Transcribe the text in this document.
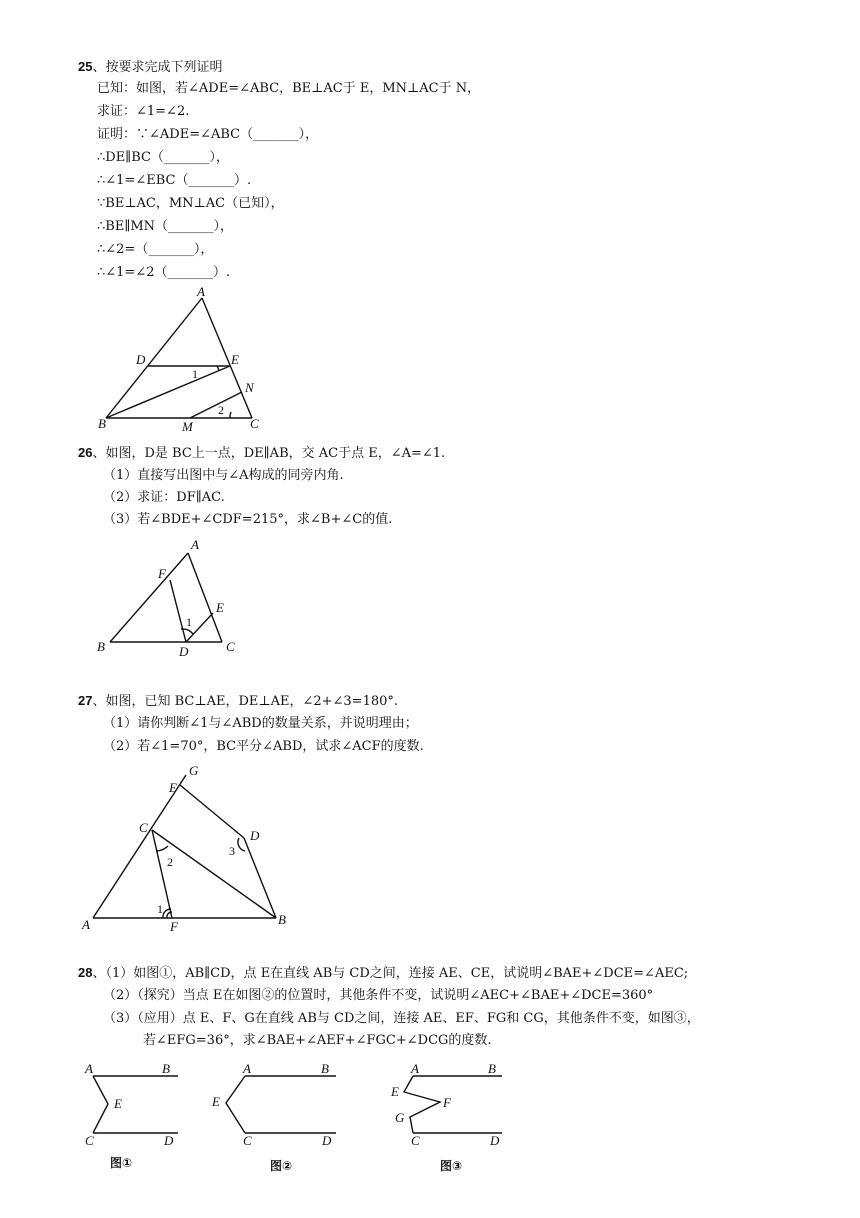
25、按要求完成下列证明
已知：如图，若∠ADE=∠ABC，BE⊥AC于 E，MN⊥AC于 N，
求证：∠1=∠2.
证明：∵∠ADE=∠ABC（_______），
∴DE∥BC（_______），
∴∠1=∠EBC（_______）.
∵BE⊥AC，MN⊥AC（已知），
∴BE∥MN（_______），
∴∠2=（_______），
∴∠1=∠2（_______）.
A
D	E
N
B	M	C
1
2
26、如图，D是 BC上一点，DE∥AB，交 AC于点 E，∠A=∠1.
（1）直接写出图中与∠A构成的同旁内角.
（2）求证：DF∥AC.
（3）若∠BDE+∠CDF=215°，求∠B+∠C的值.
A
F
E
B	D	C
1
27、如图，已知 BC⊥AE，DE⊥AE，∠2+∠3=180°.
（1）请你判断∠1与∠ABD的数量关系，并说明理由；
（2）若∠1=70°，BC平分∠ABD，试求∠ACF的度数.
G
E
C
D
3
2
1
A	F	B
28、（1）如图①，AB∥CD，点 E在直线 AB与 CD之间，连接 AE、CE，试说明∠BAE+∠DCE=∠AEC;
（2）（探究）当点 E在如图②的位置时，其他条件不变，试说明∠AEC+∠BAE+∠DCE=360°
（3）（应用）点 E、F、G在直线 AB与 CD之间，连接 AE、EF、FG和 CG，其他条件不变，如图③，
若∠EFG=36°，求∠BAE+∠AEF+∠FGC+∠DCG的度数.
A	B
E
C	D
图①
A	B
E
C	D
图②
A	B
E
F
G
C	D
图③
